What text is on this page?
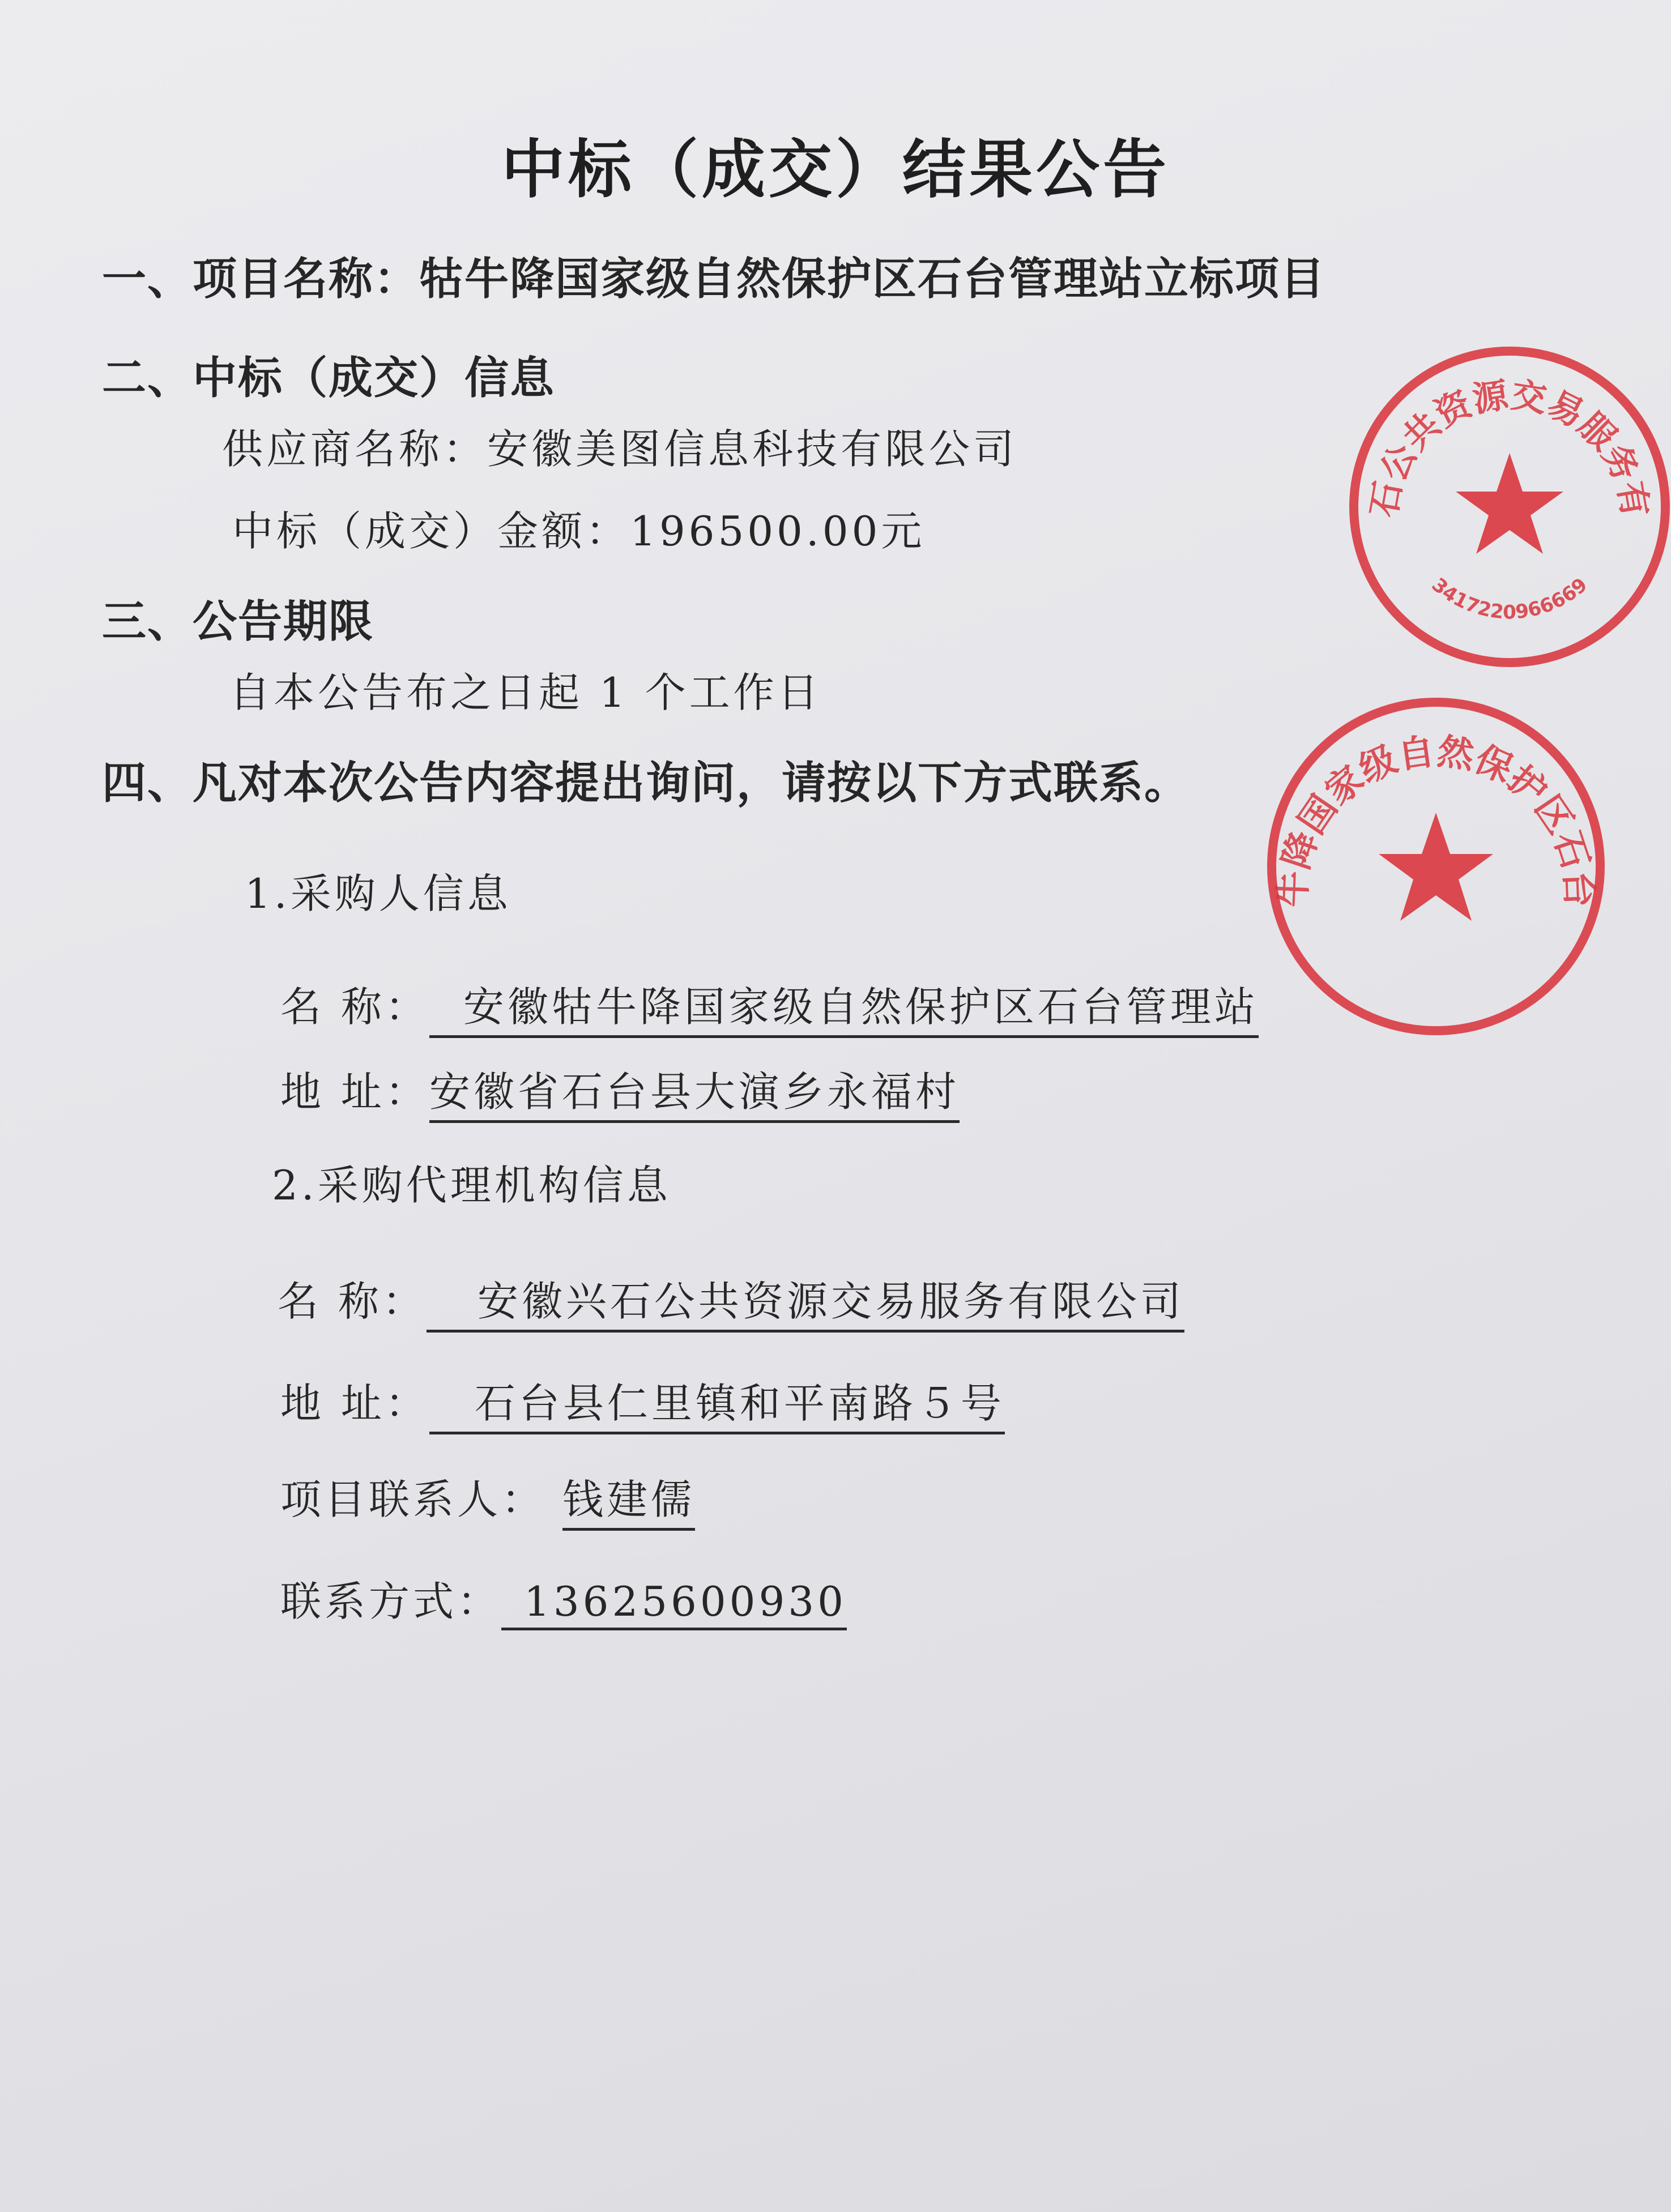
中标（成交）结果公告
一、项目名称：牯牛降国家级自然保护区石台管理站立标项目
二、中标（成交）信息
供应商名称：安徽美图信息科技有限公司
中标（成交）金额：196500.00元
三、公告期限
自本公告布之日起 1 个工作日
四、凡对本次公告内容提出询问，请按以下方式联系。
1.采购人信息
名 称： 安徽牯牛降国家级自然保护区石台管理站
地 址：安徽省石台县大演乡永福村
2.采购代理机构信息
名 称： 安徽兴石公共资源交易服务有限公司
地 址： 石台县仁里镇和平南路５号
项目联系人： 钱建儒
联系方式： 13625600930
石公共资源交易服务有
3417220966669
牛降国家级自然保护区石台
